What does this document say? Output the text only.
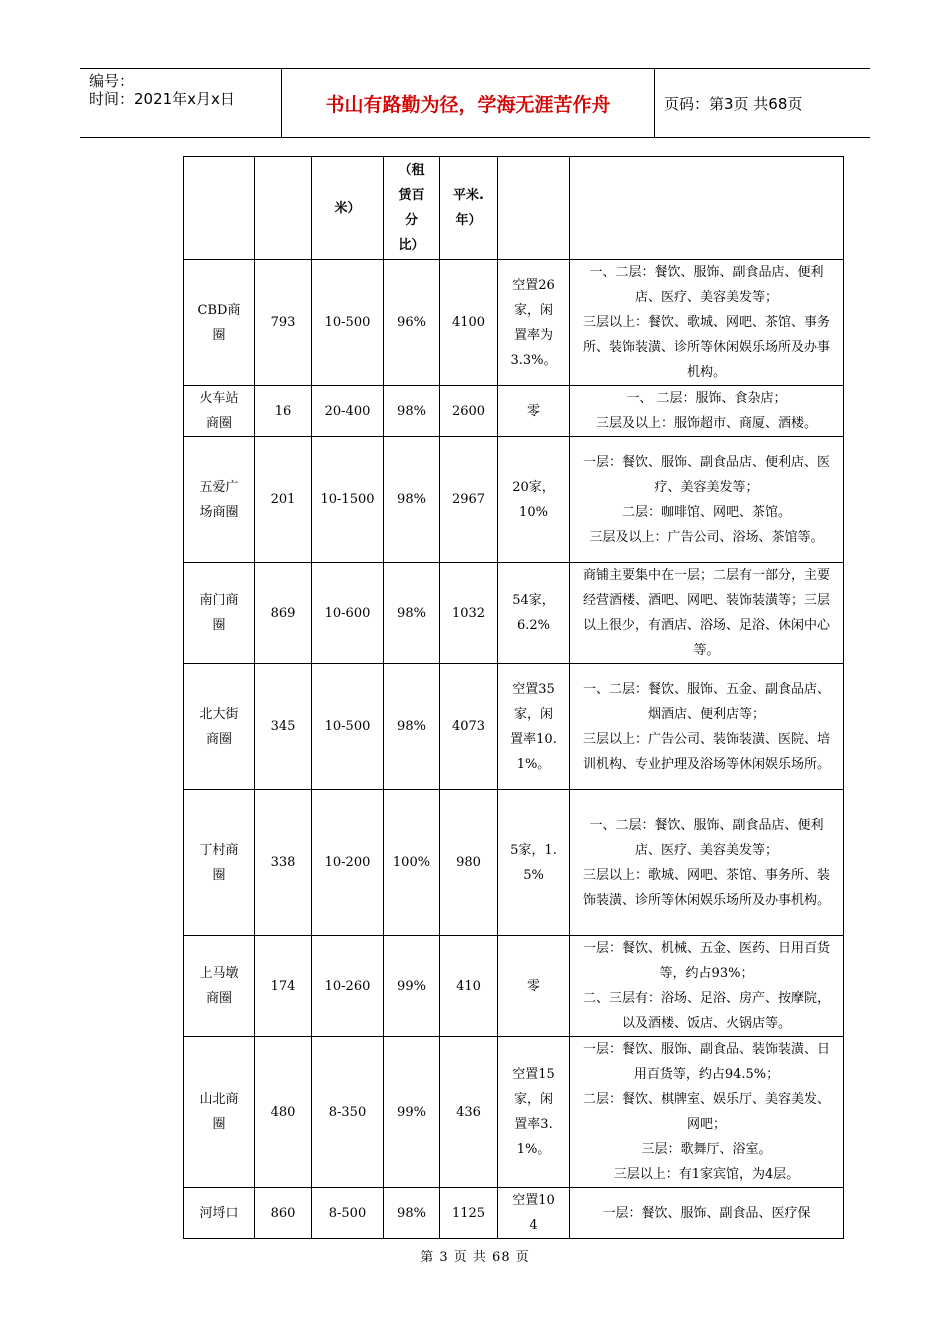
编号：
时间：2021年x月x日	书山有路勤为径，学海无涯苦作舟	页码：第3页 共68页
		米）	（租赁百分比）	平米.年）		
CBD商圈	793	10-500	96%	4100	空置26家，闲置率为3.3%。	一、二层：餐饮、服饰、副食品店、便利店、医疗、美容美发等；
三层以上：餐饮、歌城、网吧、茶馆、事务所、装饰装潢、诊所等休闲娱乐场所及办事机构。

火车站商圈	16	20-400	98%	2600	零	一、 二层：服饰、食杂店；
三层及以上：服饰超市、商厦、酒楼。

五爱广场商圈	201	10-1500	98%	2967	20家，10%	一层：餐饮、服饰、副食品店、便利店、医疗、美容美发等；
二层：咖啡馆、网吧、茶馆。
三层及以上：广告公司、浴场、茶馆等。

南门商圈	869	10-600	98%	1032	54家，6.2%	商铺主要集中在一层；二层有一部分，主要经营酒楼、酒吧、网吧、装饰装潢等；三层以上很少，有酒店、浴场、足浴、休闲中心等。

北大街商圈	345	10-500	98%	4073	空置35家，闲置率10.1%。	一、二层：餐饮、服饰、五金、副食品店、烟酒店、便利店等；
三层以上：广告公司、装饰装潢、医院、培训机构、专业护理及浴场等休闲娱乐场所。

丁村商圈	338	10-200	100%	980	5家，1.5%	一、二层：餐饮、服饰、副食品店、便利店、医疗、美容美发等；
三层以上：歌城、网吧、茶馆、事务所、装饰装潢、诊所等休闲娱乐场所及办事机构。

上马墩商圈	174	10-260	99%	410	零	一层：餐饮、机械、五金、医药、日用百货等，约占93%；
二、三层有：浴场、足浴、房产、按摩院，以及酒楼、饭店、火锅店等。

山北商圈	480	8-350	99%	436	空置15家，闲置率3.1%。	一层：餐饮、服饰、副食品、装饰装潢、日用百货等，约占94.5%；
二层：餐饮、棋牌室、娱乐厅、美容美发、网吧；
三层：歌舞厅、浴室。
三层以上：有1家宾馆，为4层。

河埒口	860	8-500	98%	1125	空置104	一层：餐饮、服饰、副食品、医疗保
第 3 页 共 68 页
